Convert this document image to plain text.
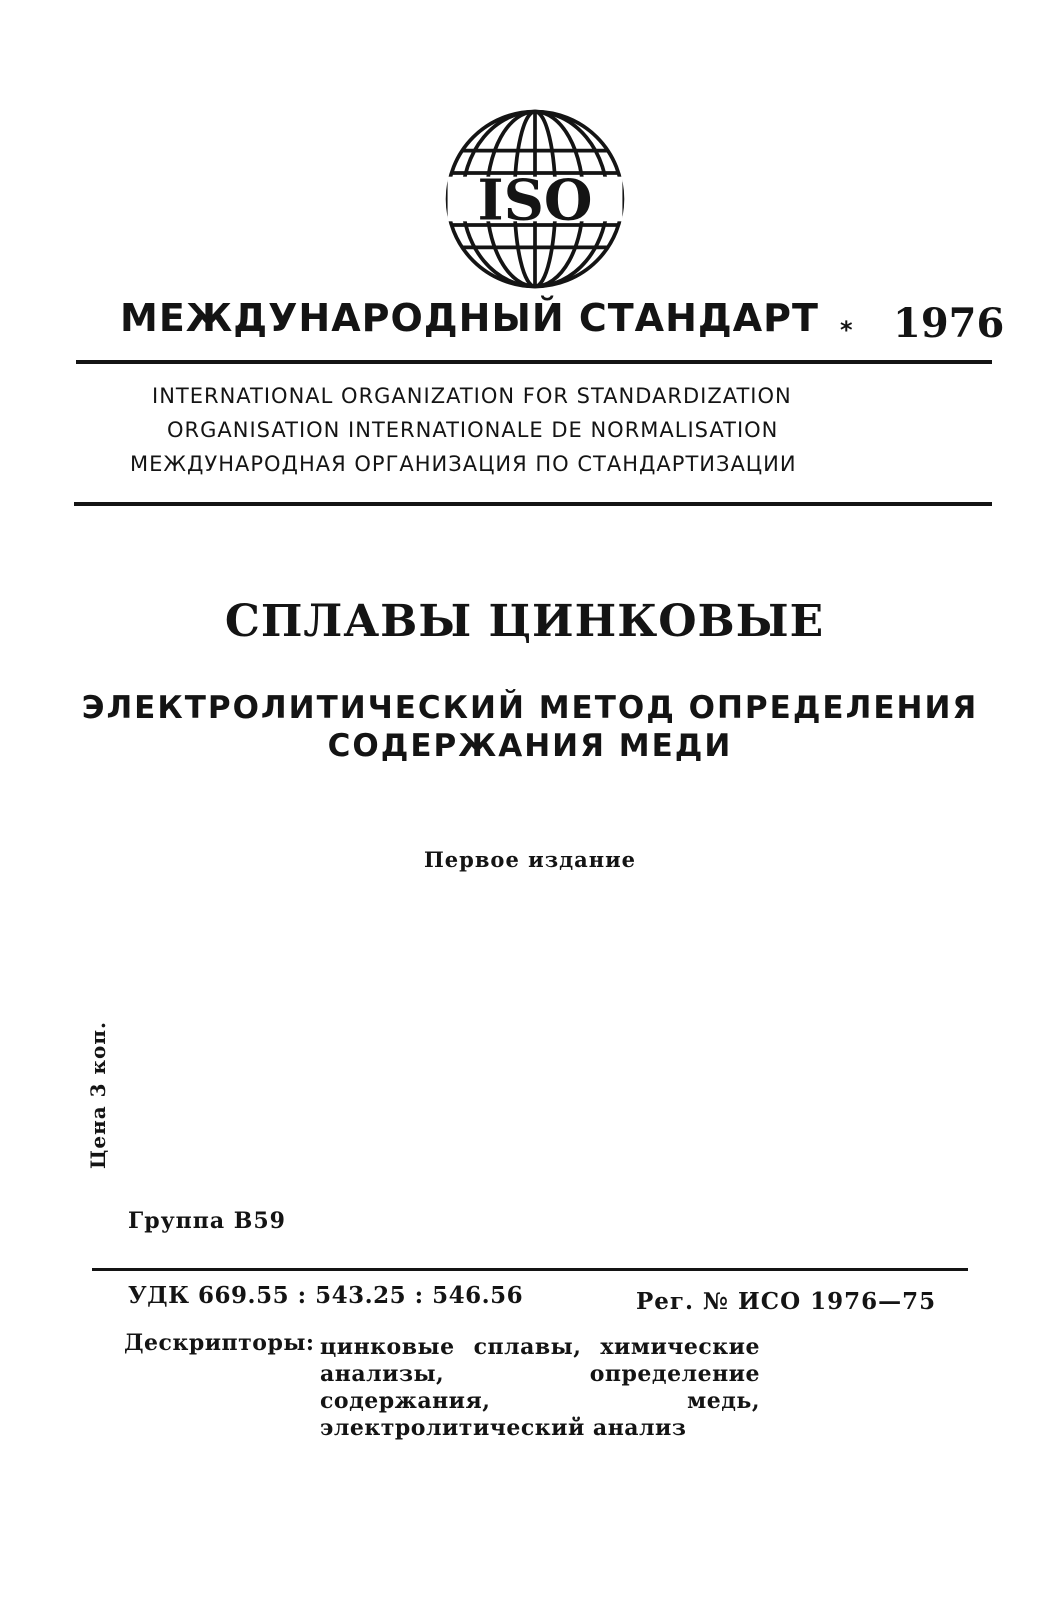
ISO
МЕЖДУНАРОДНЫЙ СТАНДАРТ * 1976
INTERNATIONAL ORGANIZATION FOR STANDARDIZATION
ORGANISATION INTERNATIONALE DE NORMALISATION
МЕЖДУНАРОДНАЯ ОРГАНИЗАЦИЯ ПО СТАНДАРТИЗАЦИИ
СПЛАВЫ ЦИНКОВЫЕ
ЭЛЕКТРОЛИТИЧЕСКИЙ МЕТОД ОПРЕДЕЛЕНИЯ
СОДЕРЖАНИЯ МЕДИ
Первое издание
Цена 3 коп.
Группа В59
УДК 669.55 : 543.25 : 546.56	Рег. № ИСО 1976—75
Дескрипторы: цинковые сплавы, химические анализы, определение содержания, медь, электролитический анализ
